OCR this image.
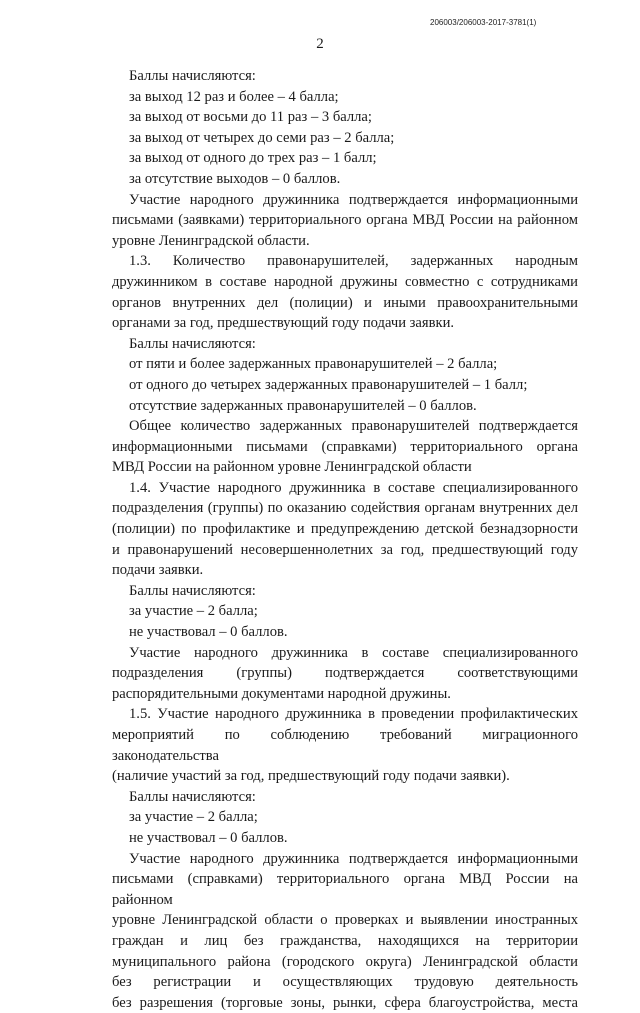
206003/206003-2017-3781(1)
2

Баллы начисляются:

за выход 12 раз и более – 4 балла;

за выход от восьми до 11 раз – 3 балла;

за выход от четырех до семи раз – 2 балла;

за выход от одного до трех раз – 1 балл;

за отсутствие выходов – 0 баллов.

Участие народного дружинника подтверждается информационными

письмами (заявками) территориального органа МВД России на районном

уровне Ленинградской области.

1.3. Количество правонарушителей, задержанных народным

дружинником в составе народной дружины совместно с сотрудниками

органов внутренних дел (полиции) и иными правоохранительными

органами за год, предшествующий году подачи заявки.

Баллы начисляются:

от пяти и более задержанных правонарушителей – 2 балла;

от одного до четырех задержанных правонарушителей – 1 балл;

отсутствие задержанных правонарушителей – 0 баллов.

Общее количество задержанных правонарушителей подтверждается

информационными письмами (справками) территориального органа

МВД России на районном уровне Ленинградской области

1.4. Участие народного дружинника в составе специализированного

подразделения (группы) по оказанию содействия органам внутренних дел

(полиции) по профилактике и предупреждению детской безнадзорности

и правонарушений несовершеннолетних за год, предшествующий году

подачи заявки.

Баллы начисляются:

за участие – 2 балла;

не участвовал – 0 баллов.

Участие народного дружинника в составе специализированного

подразделения (группы) подтверждается соответствующими

распорядительными документами народной дружины.

1.5. Участие народного дружинника в проведении профилактических

мероприятий по соблюдению требований миграционного законодательства

(наличие участий за год, предшествующий году подачи заявки).

Баллы начисляются:

за участие – 2 балла;

не участвовал – 0 баллов.

Участие народного дружинника подтверждается информационными

письмами (справками) территориального органа МВД России на районном

уровне Ленинградской области о проверках и выявлении иностранных

граждан и лиц без гражданства, находящихся на территории

муниципального района (городского округа) Ленинградской области

без регистрации и осуществляющих трудовую деятельность

без разрешения (торговые зоны, рынки, сфера благоустройства, места
